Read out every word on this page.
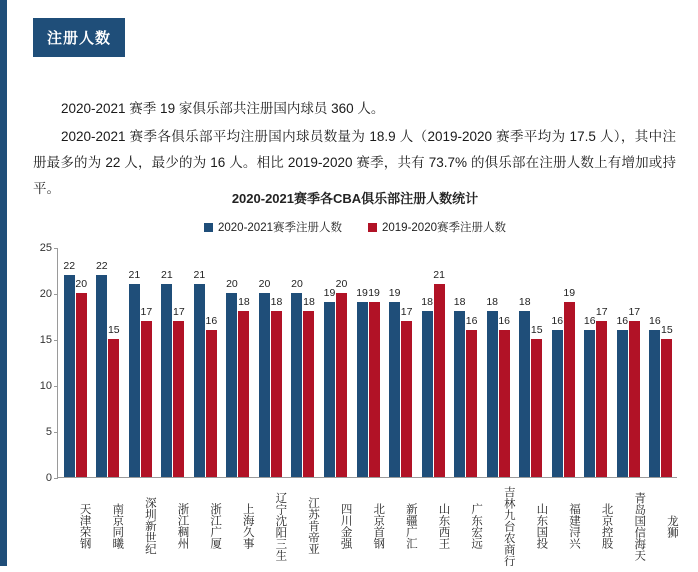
注册人数

2020-2021 赛季 19 家俱乐部共注册国内球员 360 人。

2020-2021 赛季各俱乐部平均注册国内球员数量为 18.9 人（2019-2020 赛季平均为 17.5 人），其中注册最多的为 22 人，最少的为 16 人。相比 2019-2020 赛季，共有 73.7% 的俱乐部在注册人数上有增加或持平。

2020-2021赛季各CBA俱乐部注册人数统计
2020-2021赛季注册人数	2019-2020赛季注册人数
22
20
22
15
21
17
21
17
21
16
20
18
20
18
20
18
19
20
19 19 19
17
18
21
18
16
18
16
18
15
16
19
16
17
16
17
16
15
0
5
10
15
20
25
天津荣钢	南京同曦	深圳新世纪	浙江稠州	浙江广厦	上海久事	辽宁沈阳三生	江苏肯帝亚	四川金强	北京首钢	新疆广汇	山东西王	广东宏远	吉林九台农商行	山东国投	福建浔兴	北京控股	青岛国信海天	龙狮
